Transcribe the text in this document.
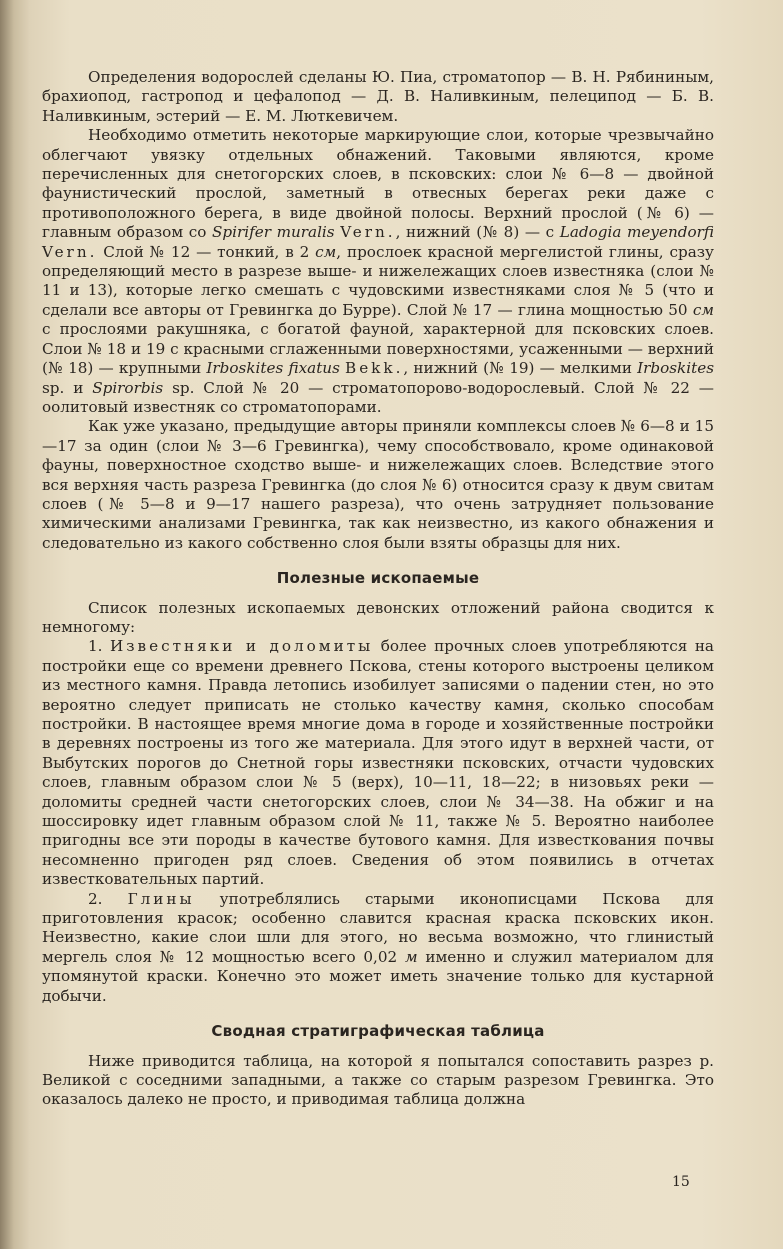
Определения водорослей сделаны Ю. Пиа, строматопор — В. Н. Рябининым, брахиопод, гастропод и цефалопод — Д. В. Наливкиным, пелеципод — Б. В. Наливкиным, эстерий — Е. М. Люткевичем.

Необходимо отметить некоторые маркирующие слои, которые чрезвычайно облегчают увязку отдельных обнажений. Таковыми являются, кроме перечисленных для снетогорских слоев, в псковских: слои № 6—8 — двойной фаунистический прослой, заметный в отвесных берегах реки даже с противоположного берега, в виде двойной полосы. Верхний прослой (№ 6) — главным образом со Spirifer muralis Vern., нижний (№ 8) — с Ladogia meyendorfi Vern. Слой № 12 — тонкий, в 2 см, прослоек красной мергелистой глины, сразу определяющий место в разрезе выше- и нижележащих слоев известняка (слои № 11 и 13), которые легко смешать с чудовскими известняками слоя № 5 (что и сделали все авторы от Гревингка до Бурре). Слой № 17 — глина мощностью 50 см с прослоями ракушняка, с богатой фауной, характерной для псковских слоев. Слои № 18 и 19 с красными сглаженными поверхностями, усаженными — верхний (№ 18) — крупными Irboskites fixatus Bekk., нижний (№ 19) — мелкими Irboskites sp. и Spirorbis sp. Слой № 20 — строматопорово-водорослевый. Слой № 22 — оолитовый известняк со строматопорами.

Как уже указано, предыдущие авторы приняли комплексы слоев № 6—8 и 15—17 за один (слои № 3—6 Гревингка), чему способствовало, кроме одинаковой фауны, поверхностное сходство выше- и нижележащих слоев. Вследствие этого вся верхняя часть разреза Гревингка (до слоя № 6) относится сразу к двум свитам слоев (№ 5—8 и 9—17 нашего разреза), что очень затрудняет пользование химическими анализами Гревингка, так как неизвестно, из какого обнажения и следовательно из какого собственно слоя были взяты образцы для них.

Полезные ископаемые

Список полезных ископаемых девонских отложений района сводится к немногому:

1. Известняки и доломиты более прочных слоев употребляются на постройки еще со времени древнего Пскова, стены которого выстроены целиком из местного камня. Правда летопись изобилует записями о падении стен, но это вероятно следует приписать не столько качеству камня, сколько способам постройки. В настоящее время многие дома в городе и хозяйственные постройки в деревнях построены из того же материала. Для этого идут в верхней части, от Выбутских порогов до Снетной горы известняки псковских, отчасти чудовских слоев, главным образом слои № 5 (верх), 10—11, 18—22; в низовьях реки — доломиты средней части снетогорских слоев, слои № 34—38. На обжиг и на шоссировку идет главным образом слой № 11, также № 5. Вероятно наиболее пригодны все эти породы в качестве бутового камня. Для известкования почвы несомненно пригоден ряд слоев. Сведения об этом появились в отчетах известковательных партий.

2. Глины употреблялись старыми иконописцами Пскова для приготовления красок; особенно славится красная краска псковских икон. Неизвестно, какие слои шли для этого, но весьма возможно, что глинистый мергель слоя № 12 мощностью всего 0,02 м именно и служил материалом для упомянутой краски. Конечно это может иметь значение только для кустарной добычи.

Сводная стратиграфическая таблица

Ниже приводится таблица, на которой я попытался сопоставить разрез р. Великой с соседними западными, а также со старым разрезом Гревингка. Это оказалось далеко не просто, и приводимая таблица должна

15
